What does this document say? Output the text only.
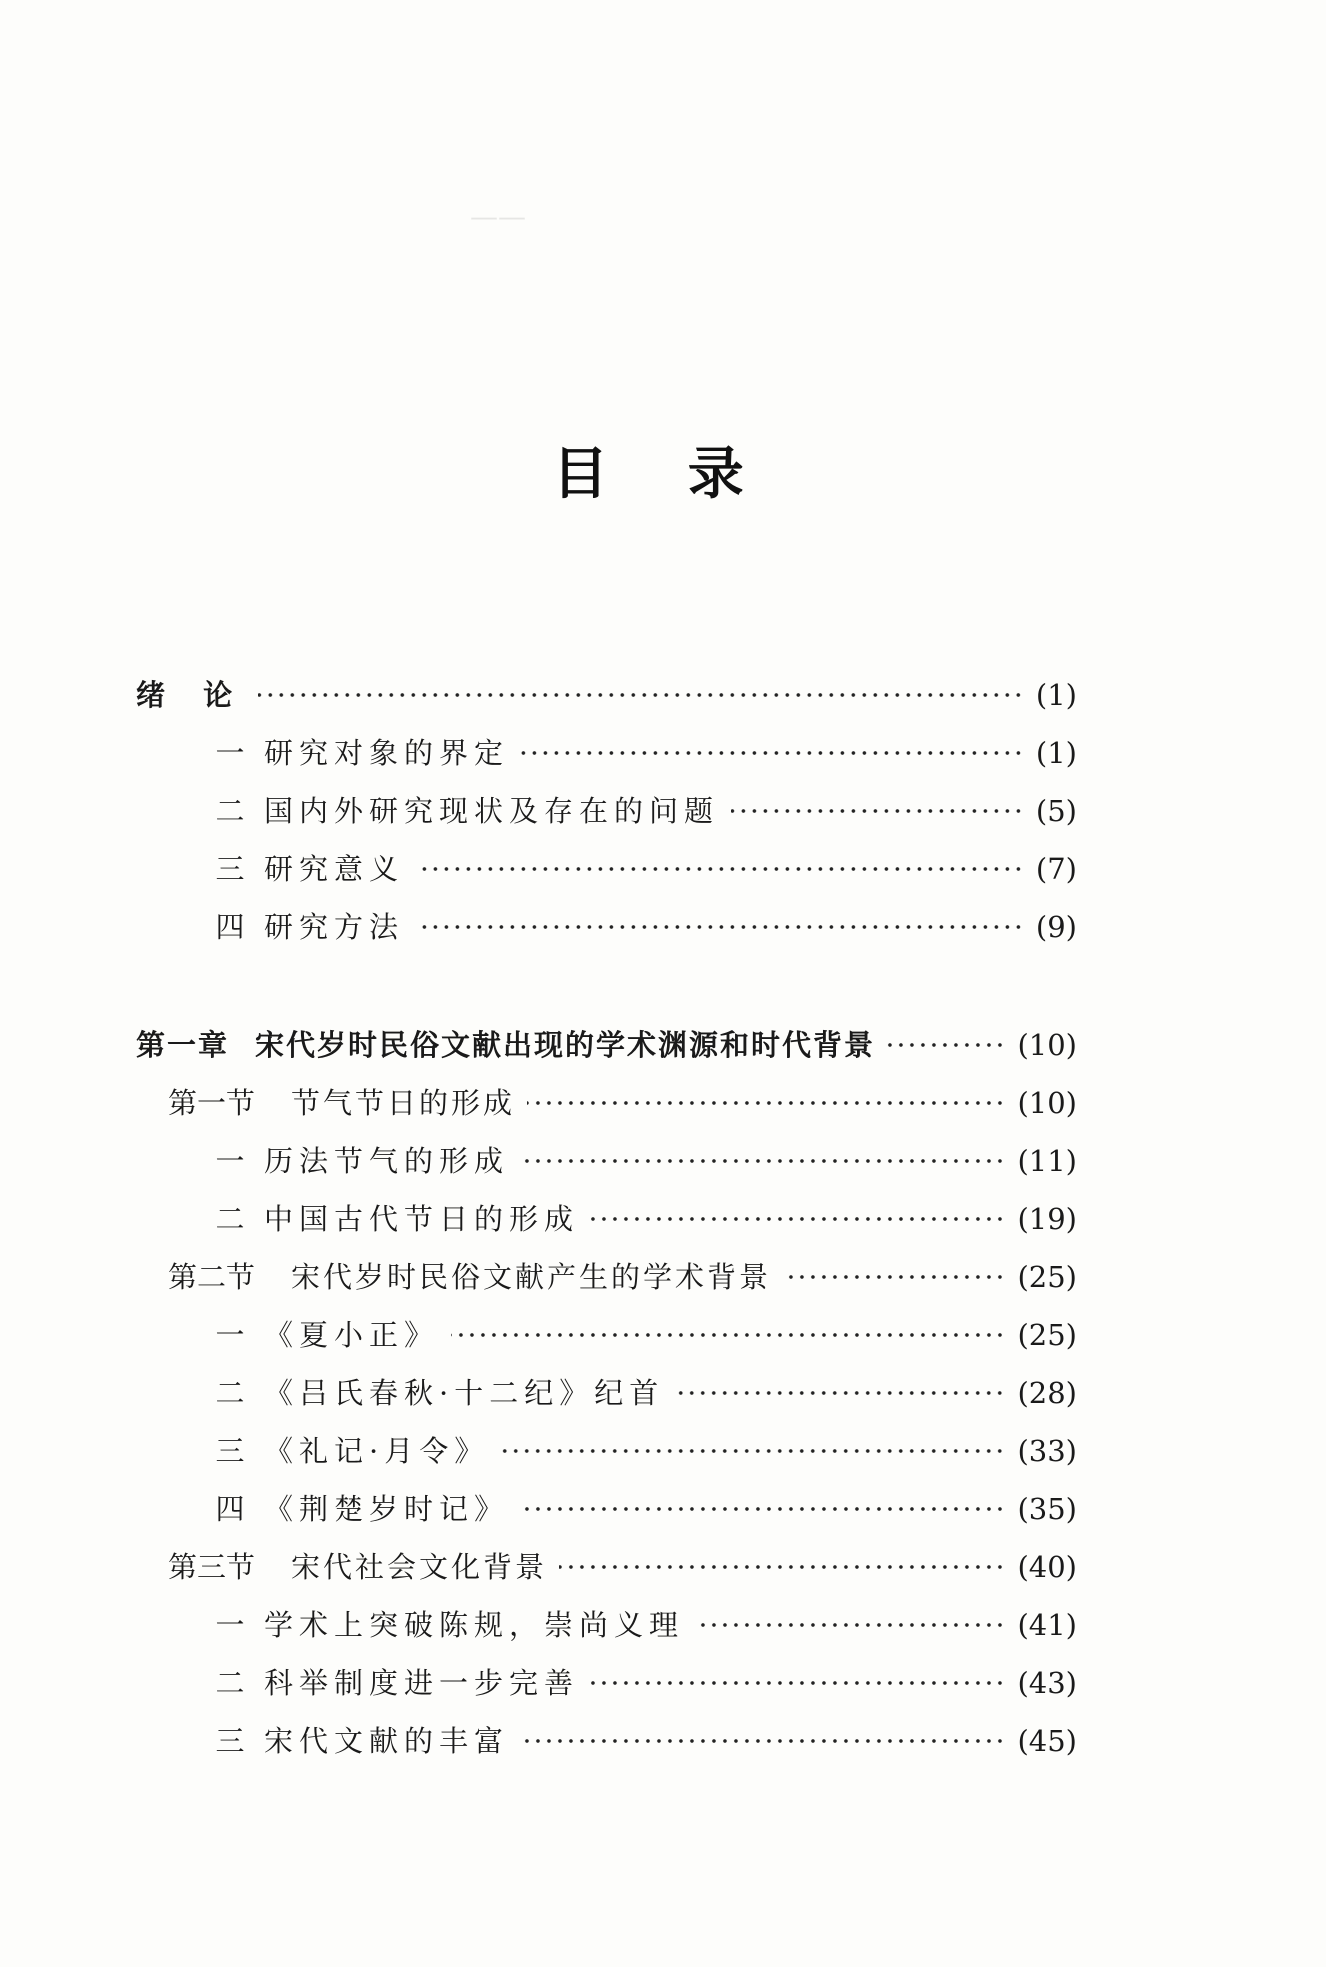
——
目 录
绪 论	(1)
一 研究对象的界定	(1)
二 国内外研究现状及存在的问题	(5)
三 研究意义	(7)
四 研究方法	(9)
第一章 宋代岁时民俗文献出现的学术渊源和时代背景	(10)
第一节 节气节日的形成	(10)
一 历法节气的形成	(11)
二 中国古代节日的形成	(19)
第二节 宋代岁时民俗文献产生的学术背景	(25)
一 《夏小正》	(25)
二 《吕氏春秋·十二纪》纪首	(28)
三 《礼记·月令》	(33)
四 《荆楚岁时记》	(35)
第三节 宋代社会文化背景	(40)
一 学术上突破陈规，崇尚义理	(41)
二 科举制度进一步完善	(43)
三 宋代文献的丰富	(45)
